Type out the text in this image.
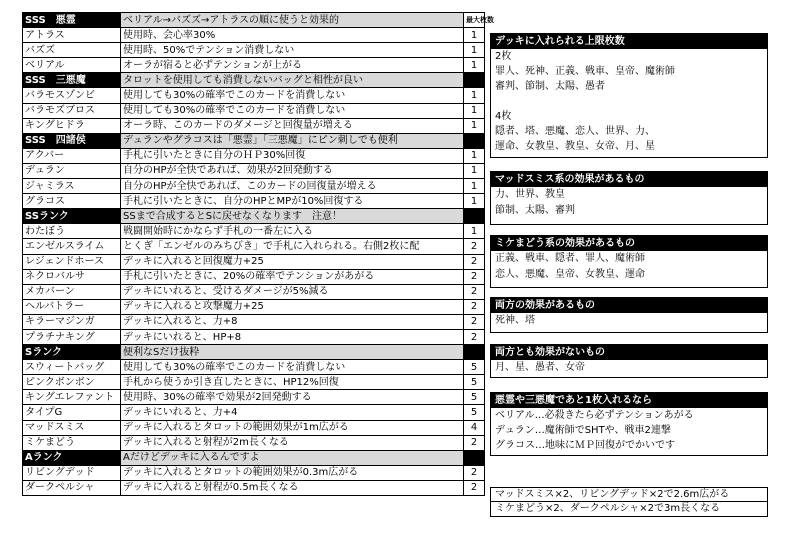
SSS　悪霊	ベリアル→バズズ→アトラスの順に使うと効果的	最大枚数
アトラス	使用時、会心率30%	1
バズズ	使用時、50%でテンション消費しない	1
ベリアル	オーラが宿ると必ずテンションが上がる	1
SSS　三悪魔	タロットを使用しても消費しないバッグと相性が良い	
バラモスゾンビ	使用しても30%の確率でこのカードを消費しない	1
バラモズブロス	使用しても30%の確率でこのカードを消費しない	1
キングヒドラ	オーラ時、このカードのダメージと回復量が増える	1
SSS　四諸侯	デュランやグラコスは「悪霊」「三悪魔」にピン刺しでも便利	
アクバー	手札に引いたときに自分のＨＰ30%回復	1
デュラン	自分のHPが全快であれば、効果が2回発動する	1
ジャミラス	自分のHPが全快であれば、このカードの回復量が増える	1
グラコス	手札に引いたときに、自分のHPとMPが10%回復する	1
SSランク	SSまで合成するとSに戻せなくなります　注意！	
わたぼう	戦闘開始時にかならず手札の一番左に入る	1
エンゼルスライム	とくぎ「エンゼルのみちびき」で手札に入れられる。右側2枚に配	2
レジェンドホース	デッキに入れると回復魔力+25	2
ネクロバルサ	手札に引いたときに、20%の確率でテンションがあがる	2
メカバーン	デッキにいれると、受けるダメージが5%減る	2
ヘルバトラー	デッキに入れると攻撃魔力+25	2
キラーマジンガ	デッキに入れると、力+8	2
プラチナキング	デッキにいれると、HP+8	2
Sランク	便利なSだけ抜粋	
スウィートバッグ	使用しても30%の確率でこのカードを消費しない	5
ピンクボンボン	手札から使うか引き直したときに、HP12%回復	5
キングエレファント	使用時、30%の確率で効果が2回発動する	5
タイプG	デッキにいれると、力+4	5
マッドスミス	デッキに入れるとタロットの範囲効果が1m広がる	4
ミケまどう	デッキに入れると射程が2m長くなる	2
Aランク	Aだけどデッキに入るんですよ	
リビングデッド	デッキに入れるとタロットの範囲効果が0.3m広がる	2
ダークペルシャ	デッキに入れると射程が0.5m長くなる	2
デッキに入れられる上限枚数
2枚
罪人、死神、正義、戦車、皇帝、魔術師
審判、節制、太陽、愚者
4枚
隠者、塔、悪魔、恋人、世界、力、
運命、女教皇、教皇、女帝、月、星
マッドスミス系の効果があるもの
力、世界、教皇
節制、太陽、審判
ミケまどう系の効果があるもの
正義、戦車、隠者、罪人、魔術師
恋人、悪魔、皇帝、女教皇、運命
両方の効果があるもの
死神、塔
両方とも効果がないもの
月、星、愚者、女帝
悪霊や三悪魔であと1枚入れるなら
ベリアル…必殺きたら必ずテンションあがる
デュラン…魔術師でSHTや、戦車2連撃
グラコス…地味にＭＰ回復がでかいです
マッドスミス×2、リビングデッド×2で2.6m広がる
ミケまどう×2、ダークペルシャ×2で3m長くなる
